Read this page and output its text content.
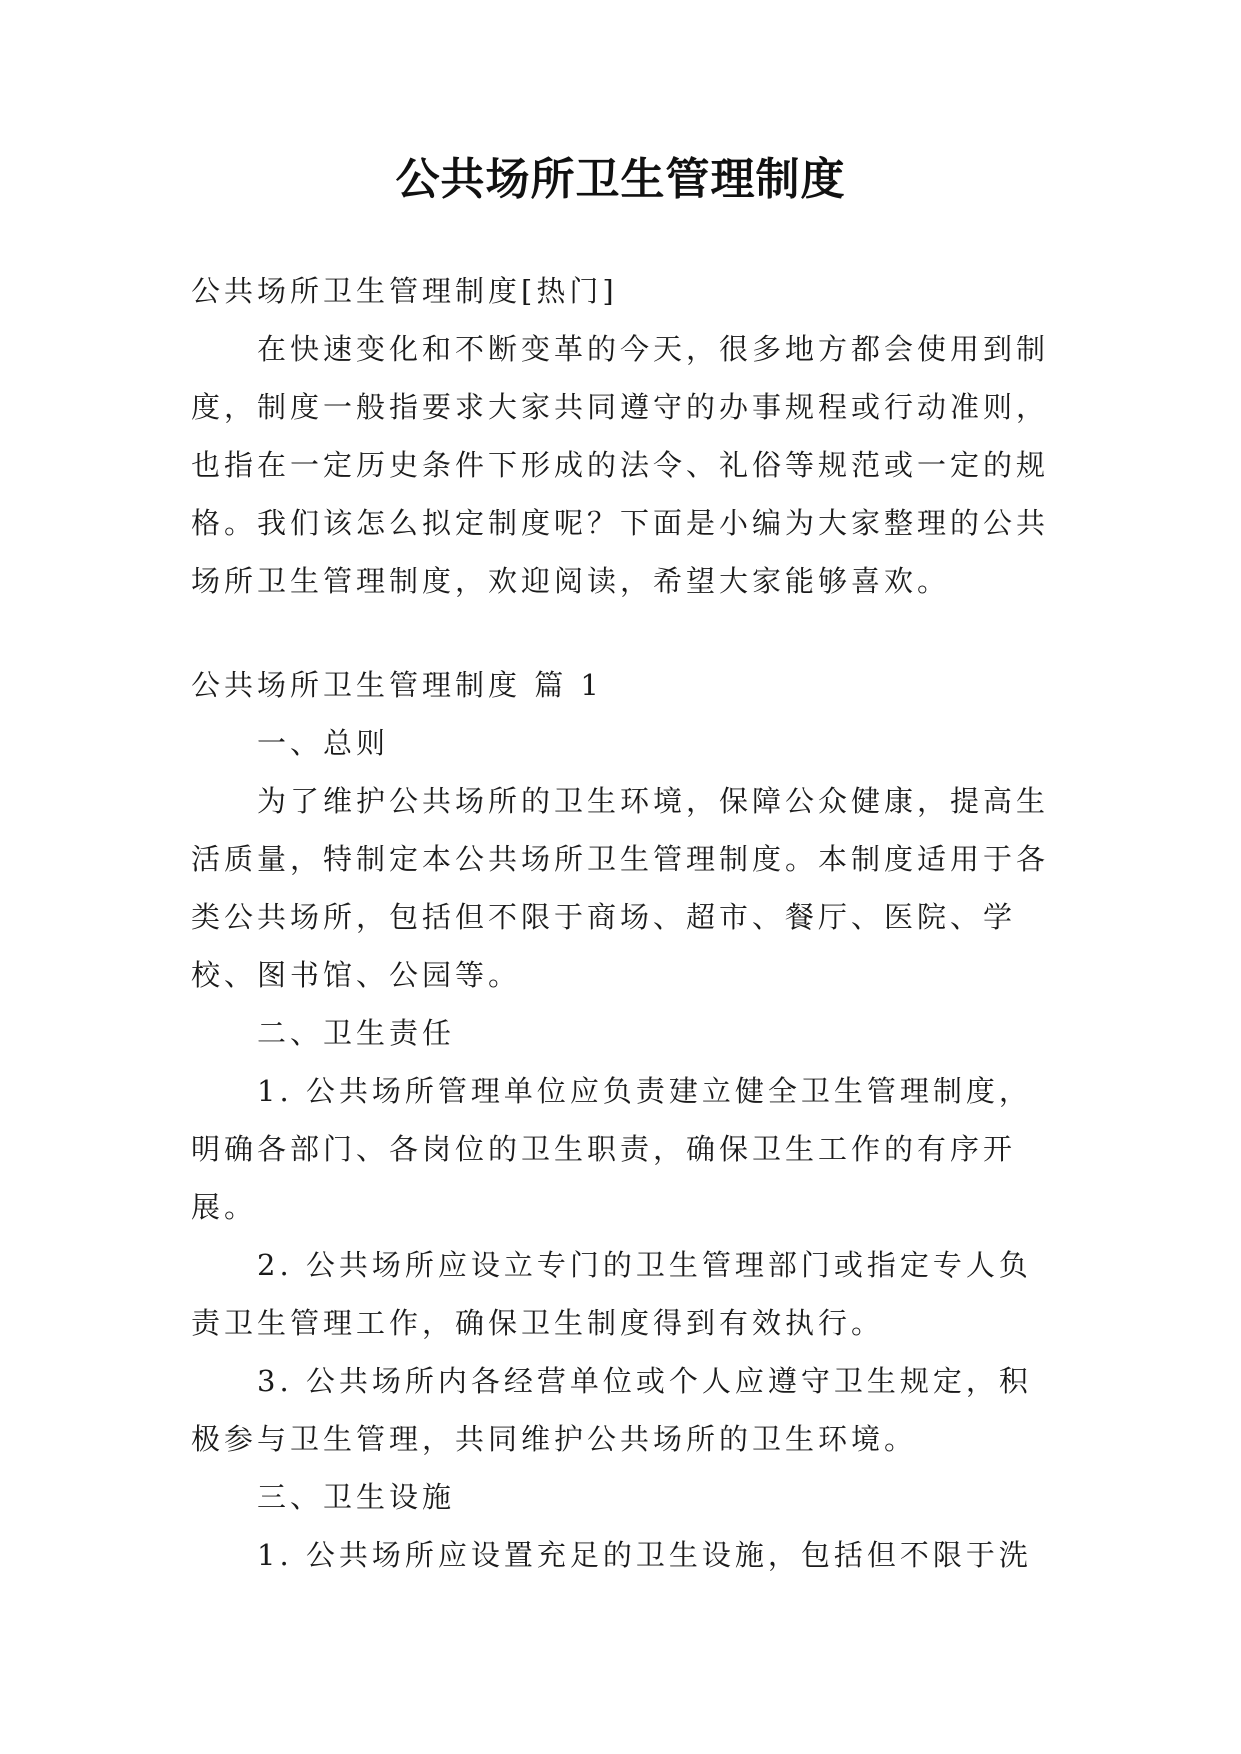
公共场所卫生管理制度

公共场所卫生管理制度[热门]

在快速变化和不断变革的今天，很多地方都会使用到制度，制度一般指要求大家共同遵守的办事规程或行动准则，也指在一定历史条件下形成的法令、礼俗等规范或一定的规格。我们该怎么拟定制度呢？下面是小编为大家整理的公共场所卫生管理制度，欢迎阅读，希望大家能够喜欢。

公共场所卫生管理制度 篇 1

一、总则

为了维护公共场所的卫生环境，保障公众健康，提高生活质量，特制定本公共场所卫生管理制度。本制度适用于各类公共场所，包括但不限于商场、超市、餐厅、医院、学校、图书馆、公园等。

二、卫生责任

1. 公共场所管理单位应负责建立健全卫生管理制度，明确各部门、各岗位的卫生职责，确保卫生工作的有序开展。

2. 公共场所应设立专门的卫生管理部门或指定专人负责卫生管理工作，确保卫生制度得到有效执行。

3. 公共场所内各经营单位或个人应遵守卫生规定，积极参与卫生管理，共同维护公共场所的卫生环境。

三、卫生设施

1. 公共场所应设置充足的卫生设施，包括但不限于洗
